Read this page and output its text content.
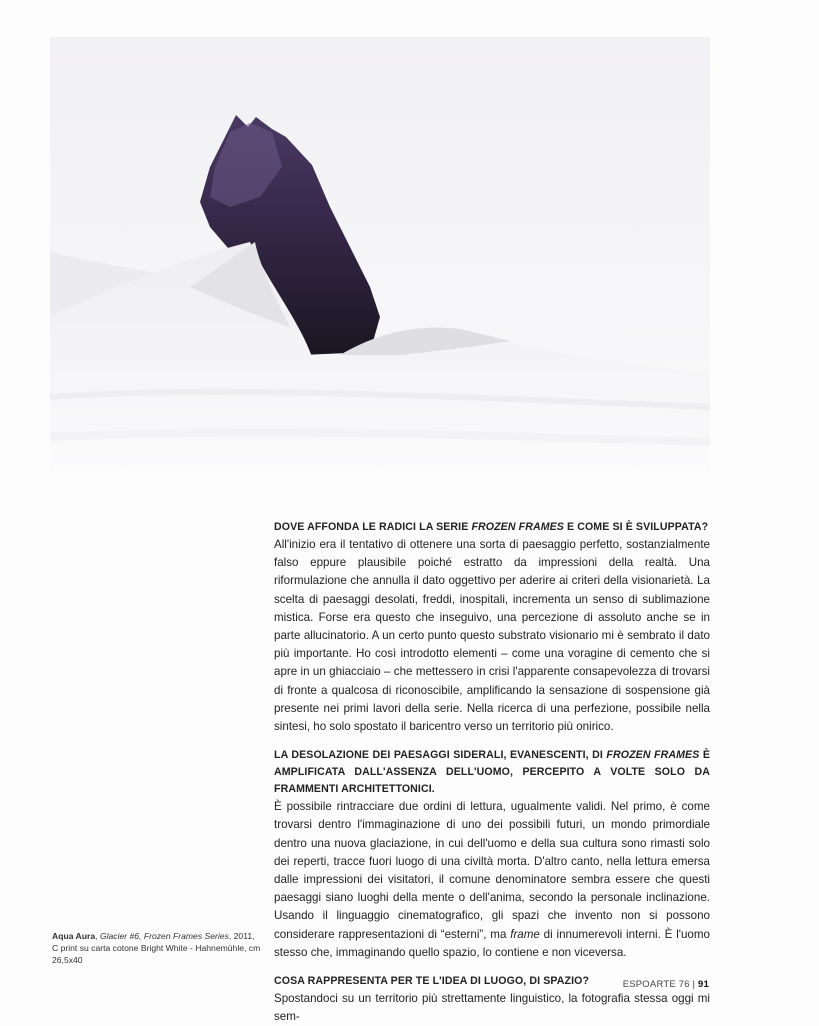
DOVE AFFONDA LE RADICI LA SERIE FROZEN FRAMES E COME SI È SVILUPPATA?

All'inizio era il tentativo di ottenere una sorta di paesaggio perfetto, sostanzialmente falso eppure plausibile poiché estratto da impressioni della realtà. Una riformulazione che annulla il dato oggettivo per aderire ai criteri della visionarietà. La scelta di paesaggi desolati, freddi, inospitali, incrementa un senso di sublimazione mistica. Forse era questo che inseguivo, una percezione di assoluto anche se in parte allucinatorio. A un certo punto questo substrato visionario mi è sembrato il dato più importante. Ho così introdotto elementi – come una voragine di cemento che si apre in un ghiacciaio – che mettessero in crisi l'apparente consapevolezza di trovarsi di fronte a qualcosa di riconoscibile, amplificando la sensazione di sospensione già presente nei primi lavori della serie. Nella ricerca di una perfezione, possibile nella sintesi, ho solo spostato il baricentro verso un territorio più onirico.

LA DESOLAZIONE DEI PAESAGGI SIDERALI, EVANESCENTI, DI FROZEN FRAMES È AMPLIFICATA DALL'ASSENZA DELL'UOMO, PERCEPITO A VOLTE SOLO DA FRAMMENTI ARCHITETTONICI.

È possibile rintracciare due ordini di lettura, ugualmente validi. Nel primo, è come trovarsi dentro l'immaginazione di uno dei possibili futuri, un mondo primordiale dentro una nuova glaciazione, in cui dell'uomo e della sua cultura sono rimasti solo dei reperti, tracce fuori luogo di una civiltà morta. D'altro canto, nella lettura emersa dalle impressioni dei visitatori, il comune denominatore sembra essere che questi paesaggi siano luoghi della mente o dell'anima, secondo la personale inclinazione. Usando il linguaggio cinematografico, gli spazi che invento non si possono considerare rappresentazioni di “esterni”, ma frame di innumerevoli interni. È l'uomo stesso che, immaginando quello spazio, lo contiene e non viceversa.

COSA RAPPRESENTA PER TE L'IDEA DI LUOGO, DI SPAZIO?

Spostandoci su un territorio più strettamente linguistico, la fotografia stessa oggi mi sem-

Aqua Aura, Glacier #6, Frozen Frames Series, 2011, C print su carta cotone Bright White - Hahnemühle, cm 26,5x40
ESPOARTE 76 | 91
